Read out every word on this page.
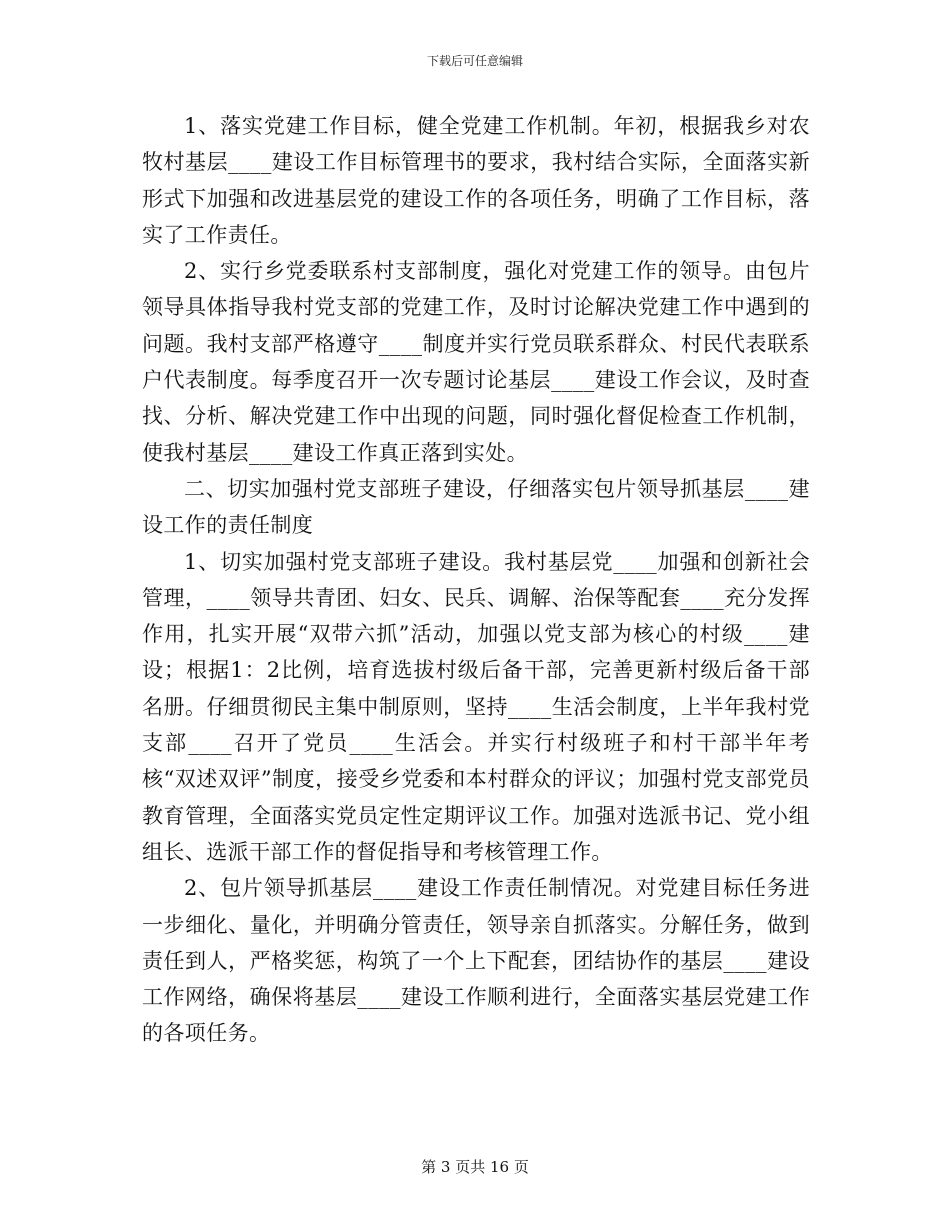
下载后可任意编辑

1、落实党建工作目标，健全党建工作机制。年初，根据我乡对农牧村基层____建设工作目标管理书的要求，我村结合实际，全面落实新形式下加强和改进基层党的建设工作的各项任务，明确了工作目标，落实了工作责任。

2、实行乡党委联系村支部制度，强化对党建工作的领导。由包片领导具体指导我村党支部的党建工作，及时讨论解决党建工作中遇到的问题。我村支部严格遵守____制度并实行党员联系群众、村民代表联系户代表制度。每季度召开一次专题讨论基层____建设工作会议，及时查找、分析、解决党建工作中出现的问题，同时强化督促检查工作机制，使我村基层____建设工作真正落到实处。

二、切实加强村党支部班子建设，仔细落实包片领导抓基层____建设工作的责任制度

1、切实加强村党支部班子建设。我村基层党____加强和创新社会管理，____领导共青团、妇女、民兵、调解、治保等配套____充分发挥作用，扎实开展“双带六抓”活动，加强以党支部为核心的村级____建设；根据1：2比例，培育选拔村级后备干部，完善更新村级后备干部名册。仔细贯彻民主集中制原则，坚持____生活会制度，上半年我村党支部____召开了党员____生活会。并实行村级班子和村干部半年考核“双述双评”制度，接受乡党委和本村群众的评议；加强村党支部党员教育管理，全面落实党员定性定期评议工作。加强对选派书记、党小组组长、选派干部工作的督促指导和考核管理工作。

2、包片领导抓基层____建设工作责任制情况。对党建目标任务进一步细化、量化，并明确分管责任，领导亲自抓落实。分解任务，做到责任到人，严格奖惩，构筑了一个上下配套，团结协作的基层____建设工作网络，确保将基层____建设工作顺利进行，全面落实基层党建工作的各项任务。

第 3 页共 16 页
